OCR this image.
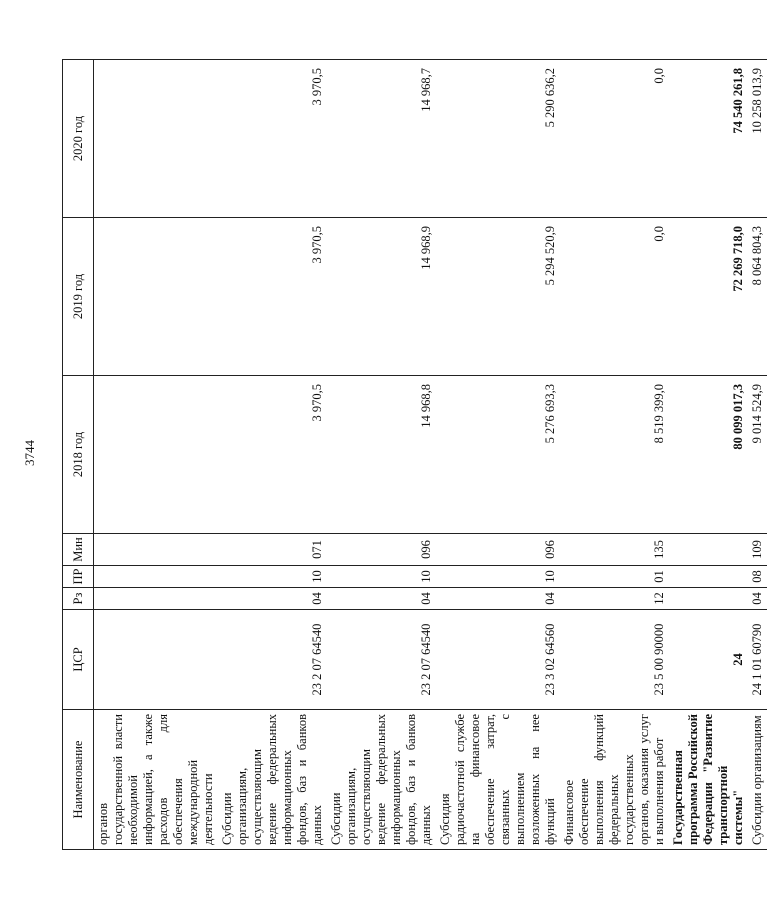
3744
Наименование	ЦСР	Рз	ПР	Мин	2018 год	2019 год	2020 год
органов государственной власти необходимой информацией, а также расходов для обеспечения международной деятельности							
Субсидии организациям, осуществляющим ведение федеральных информационных фондов, баз и банков данных	23 2 07 64540	04	10	071	3 970,5	3 970,5	3 970,5
Субсидии организациям, осуществляющим ведение федеральных информационных фондов, баз и банков данных	23 2 07 64540	04	10	096	14 968,8	14 968,9	14 968,7
Субсидия радиочастотной службе на финансовое обеспечение затрат, связанных с выполнением возложенных на нее функций	23 3 02 64560	04	10	096	5 276 693,3	5 294 520,9	5 290 636,2
Финансовое обеспечение выполнения функций федеральных государственных органов, оказания услуг и выполнения работ	23 5 00 90000	12	01	135	8 519 399,0	0,0	0,0
Государственная программа Российской Федерации "Развитие транспортной системы"	24				80 099 017,3	72 269 718,0	74 540 261,8
Субсидии организациям	24 1 01 60790	04	08	109	9 014 524,9	8 064 804,3	10 258 013,9
